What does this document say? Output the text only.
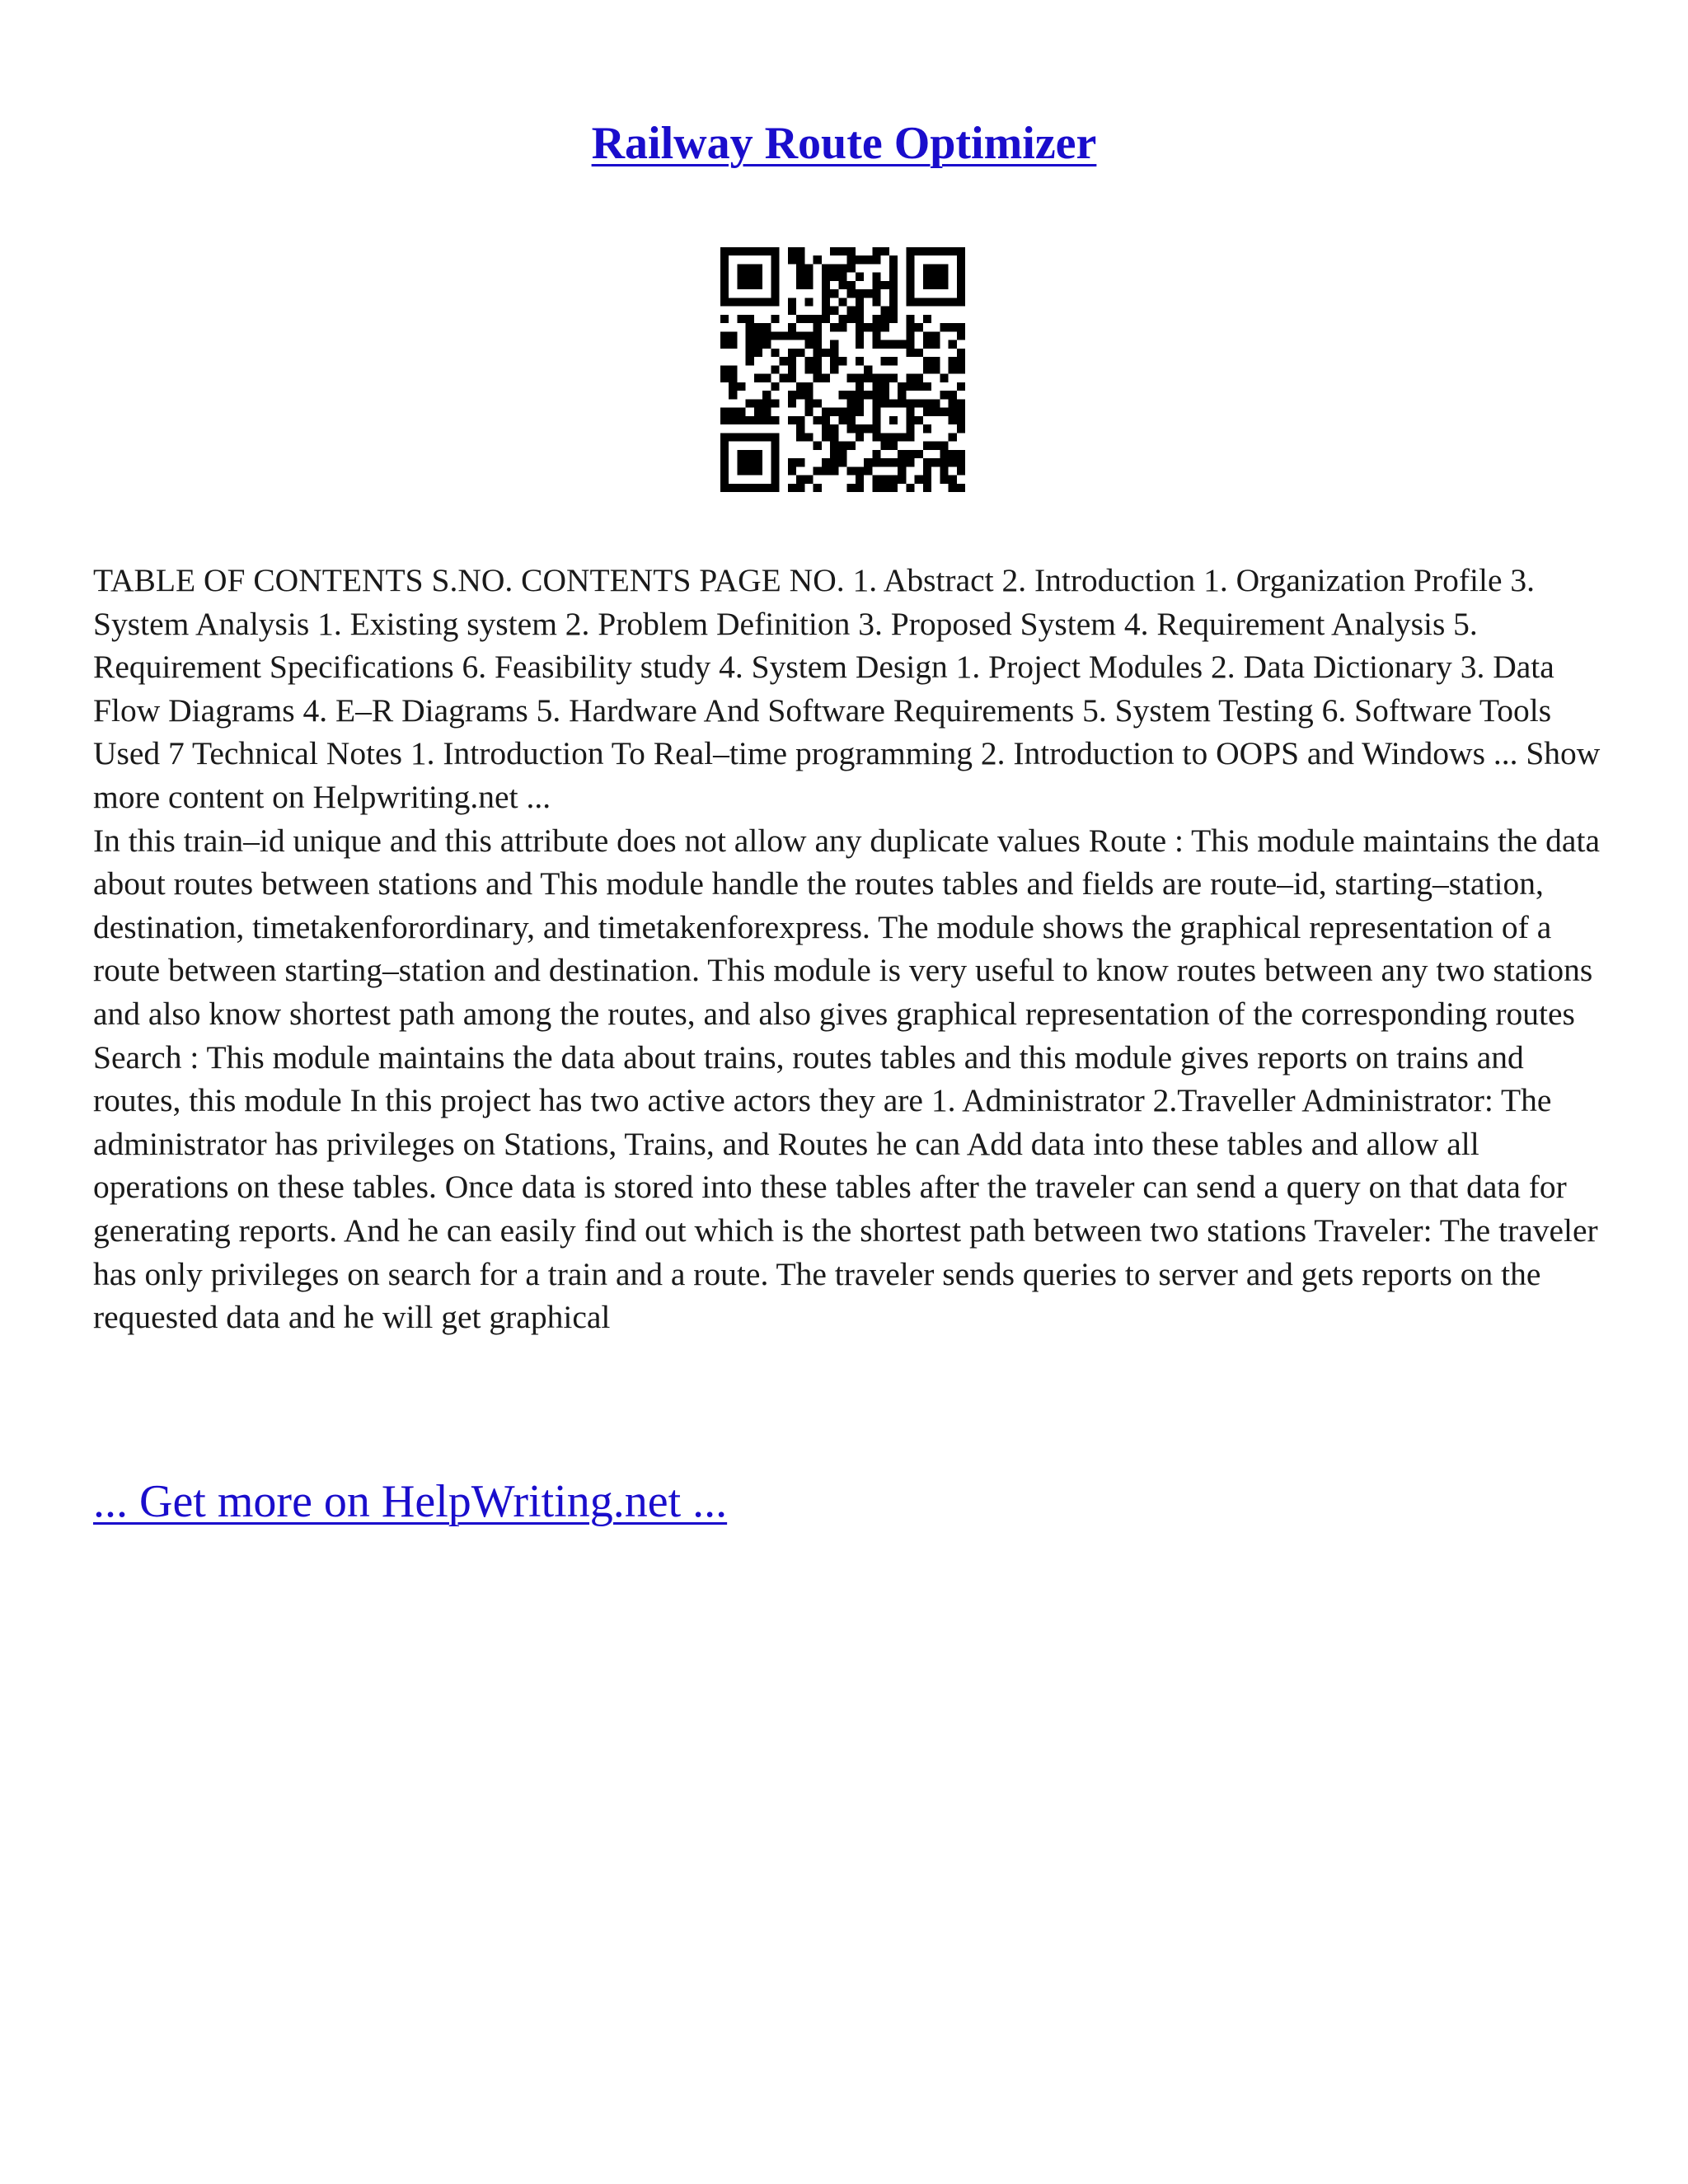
Railway Route Optimizer

TABLE OF CONTENTS S.NO. CONTENTS PAGE NO. 1. Abstract 2. Introduction 1. Organization Profile 3. System Analysis 1. Existing system 2. Problem Definition 3. Proposed System 4. Requirement Analysis 5. Requirement Specifications 6. Feasibility study 4. System Design 1. Project Modules 2. Data Dictionary 3. Data Flow Diagrams 4. E–R Diagrams 5. Hardware And Software Requirements 5. System Testing 6. Software Tools Used 7 Technical Notes 1. Introduction To Real–time programming 2. Introduction to OOPS and Windows ... Show more content on Helpwriting.net ...

In this train–id unique and this attribute does not allow any duplicate values Route : This module maintains the data about routes between stations and This module handle the routes tables and fields are route–id, starting–station, destination, timetakenforordinary, and timetakenforexpress. The module shows the graphical representation of a route between starting–station and destination. This module is very useful to know routes between any two stations and also know shortest path among the routes, and also gives graphical representation of the corresponding routes Search : This module maintains the data about trains, routes tables and this module gives reports on trains and routes, this module In this project has two active actors they are 1. Administrator 2.Traveller Administrator: The administrator has privileges on Stations, Trains, and Routes he can Add data into these tables and allow all operations on these tables. Once data is stored into these tables after the traveler can send a query on that data for generating reports. And he can easily find out which is the shortest path between two stations Traveler: The traveler has only privileges on search for a train and a route. The traveler sends queries to server and gets reports on the requested data and he will get graphical

... Get more on HelpWriting.net ...
